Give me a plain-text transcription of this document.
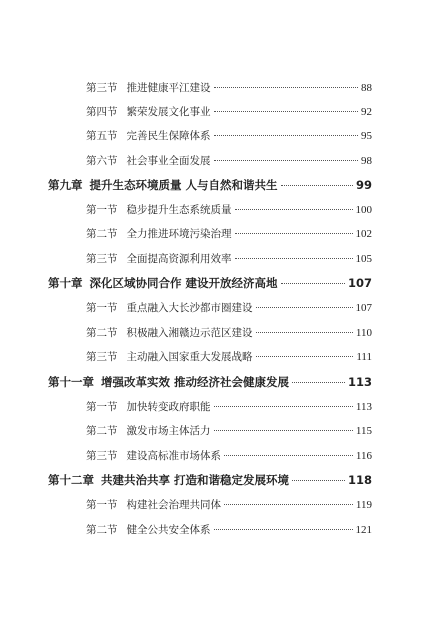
第三节 推进健康平江建设	88
第四节 繁荣发展文化事业	92
第五节 完善民生保障体系	95
第六节 社会事业全面发展	98
第九章 提升生态环境质量 人与自然和谐共生	99
第一节 稳步提升生态系统质量	100
第二节 全力推进环境污染治理	102
第三节 全面提高资源利用效率	105
第十章 深化区域协同合作 建设开放经济高地	107
第一节 重点融入大长沙都市圈建设	107
第二节 积极融入湘赣边示范区建设	110
第三节 主动融入国家重大发展战略	111
第十一章 增强改革实效 推动经济社会健康发展	113
第一节 加快转变政府职能	113
第二节 激发市场主体活力	115
第三节 建设高标准市场体系	116
第十二章 共建共治共享 打造和谐稳定发展环境	118
第一节 构建社会治理共同体	119
第二节 健全公共安全体系	121
